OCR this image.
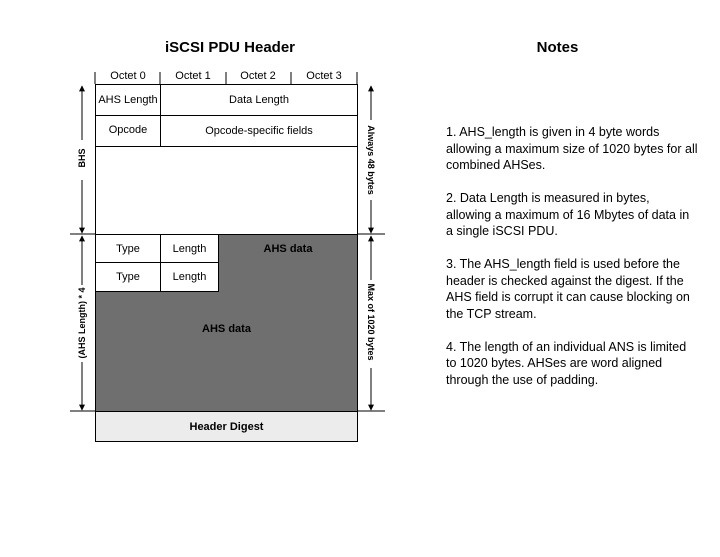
iSCSI PDU Header	Notes
Octet 0	Octet 1	Octet 2	Octet 3
AHS Length	Data Length
Opcode	Opcode-specific fields
Type	Length	AHS data
Type	Length
AHS data
Header Digest
BHS
(AHS Length) * 4
Always 48 bytes
Max of 1020 bytes

1. AHS_length is given in 4 byte words allowing a maximum size of 1020 bytes for all combined AHSes.

2. Data Length is measured in bytes, allowing a maximum of 16 Mbytes of data in a single iSCSI PDU.

3. The AHS_length field is used before the header is checked against the digest. If the AHS field is corrupt it can cause blocking on the TCP stream.

4. The length of an individual ANS is limited to 1020 bytes. AHSes are word aligned through the use of padding.
